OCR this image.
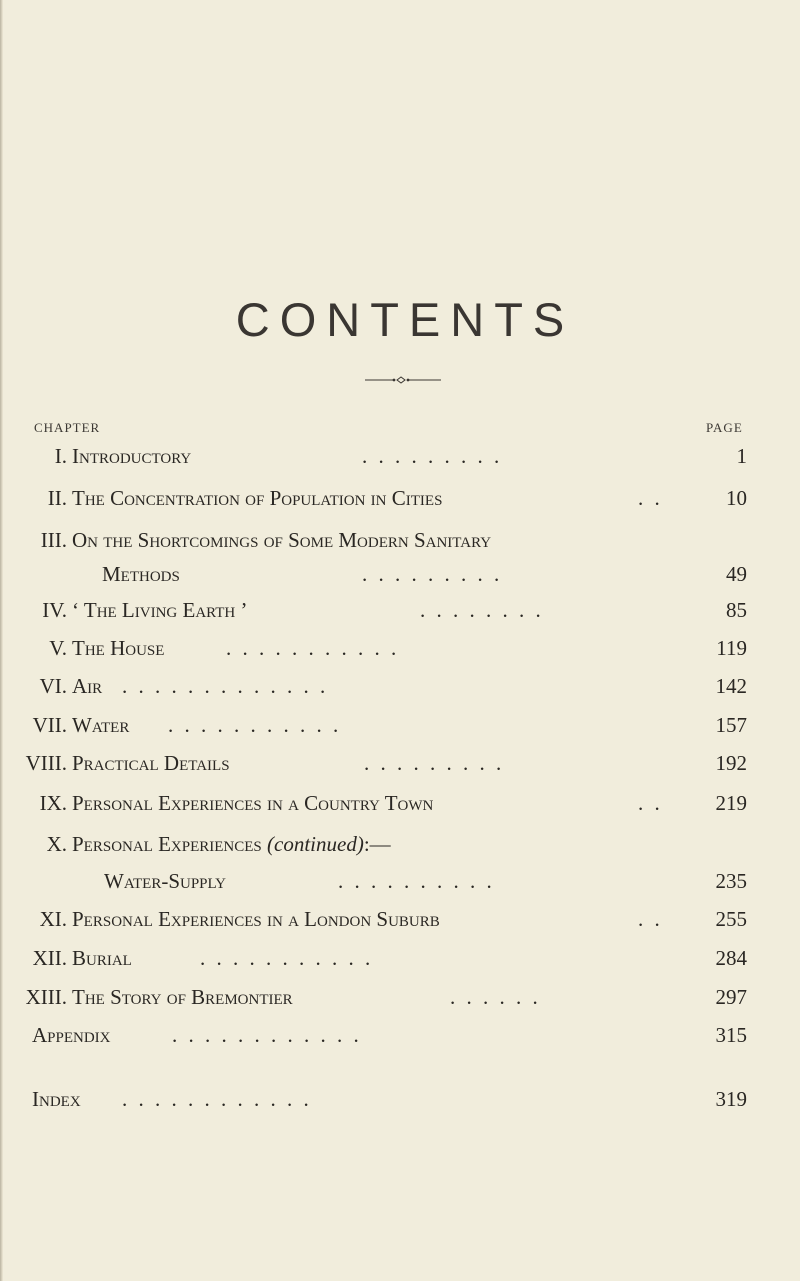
CONTENTS
CHAPTER	PAGE
I. Introductory	. . . . . . . . .	1
II. The Concentration of Population in Cities	. .	10
III. On the Shortcomings of Some Modern Sanitary
Methods	. . . . . . . . .	49
IV. ‘ The Living Earth ’	. . . . . . . .	85
V. The House	. . . . . . . . . . .	119
VI. Air . . . . . . . . . . . . .	142
VII. Water . . . . . . . . . . .	157
VIII. Practical Details	. . . . . . . . .	192
IX. Personal Experiences in a Country Town	. .	219
X. Personal Experiences (continued):—
Water-Supply	. . . . . . . . . .	235
XI. Personal Experiences in a London Suburb	. .	255
XII. Burial	. . . . . . . . . . .	284
XIII. The Story of Bremontier	. . . . . .	297
Appendix	. . . . . . . . . . . .	315
Index . . . . . . . . . . . .	319
